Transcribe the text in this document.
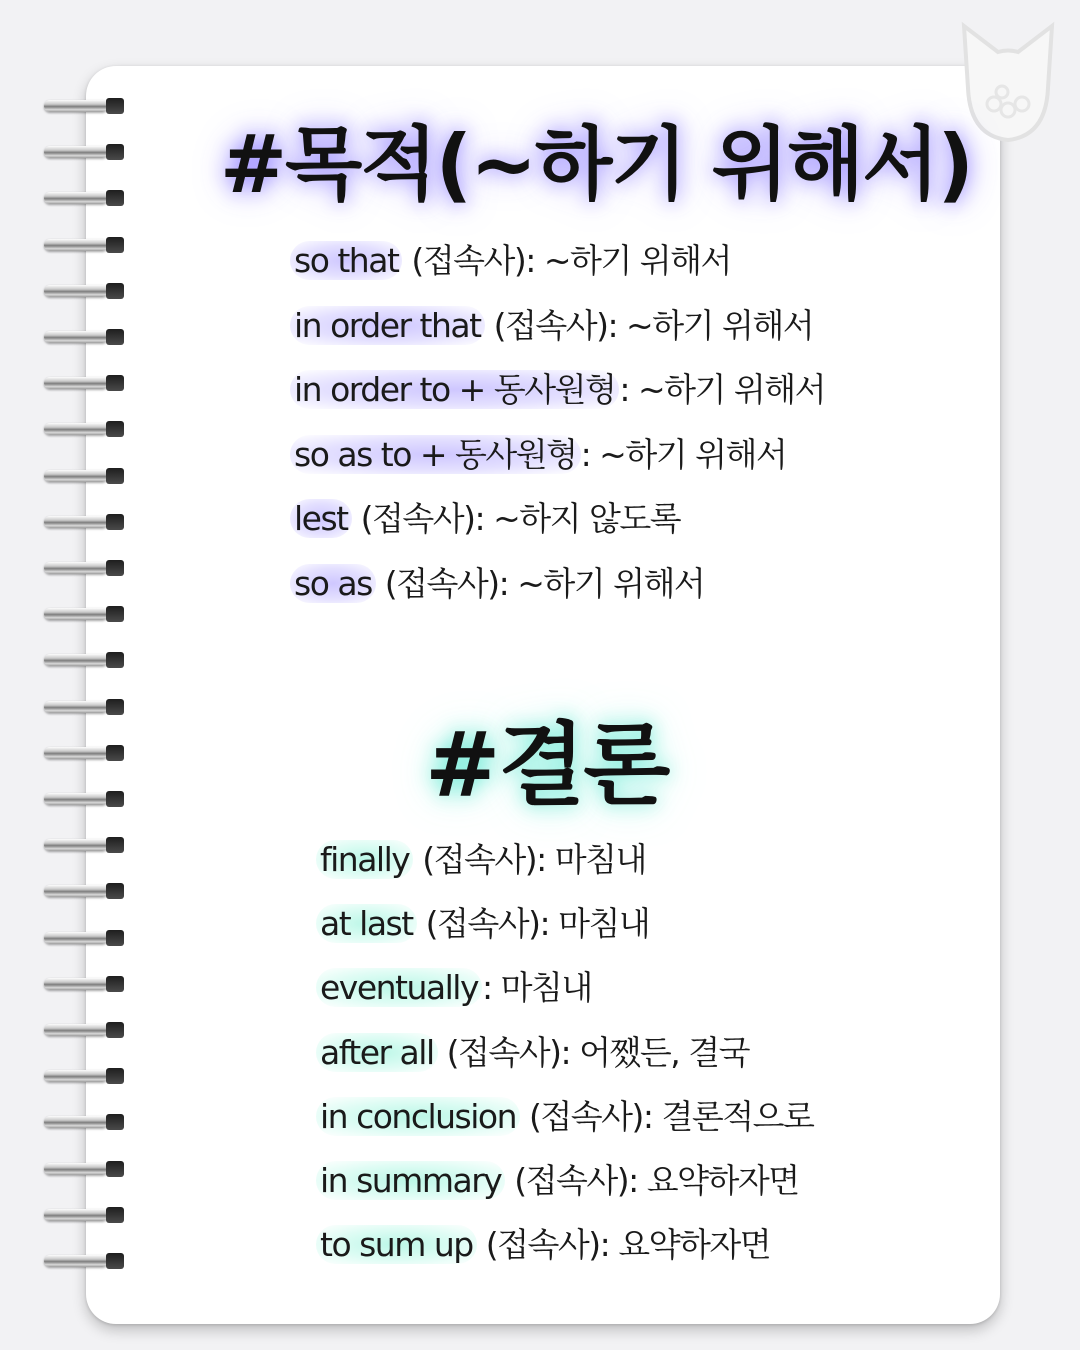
#목적(~하기 위해서)
so that (접속사): ~하기 위해서
in order that (접속사): ~하기 위해서
in order to + 동사원형 : ~하기 위해서
so as to + 동사원형 : ~하기 위해서
lest (접속사): ~하지 않도록
so as (접속사): ~하기 위해서
#결론
finally (접속사): 마침내
at last (접속사): 마침내
eventually : 마침내
after all (접속사): 어쨌든, 결국
in conclusion (접속사): 결론적으로
in summary (접속사): 요약하자면
to sum up (접속사): 요약하자면
